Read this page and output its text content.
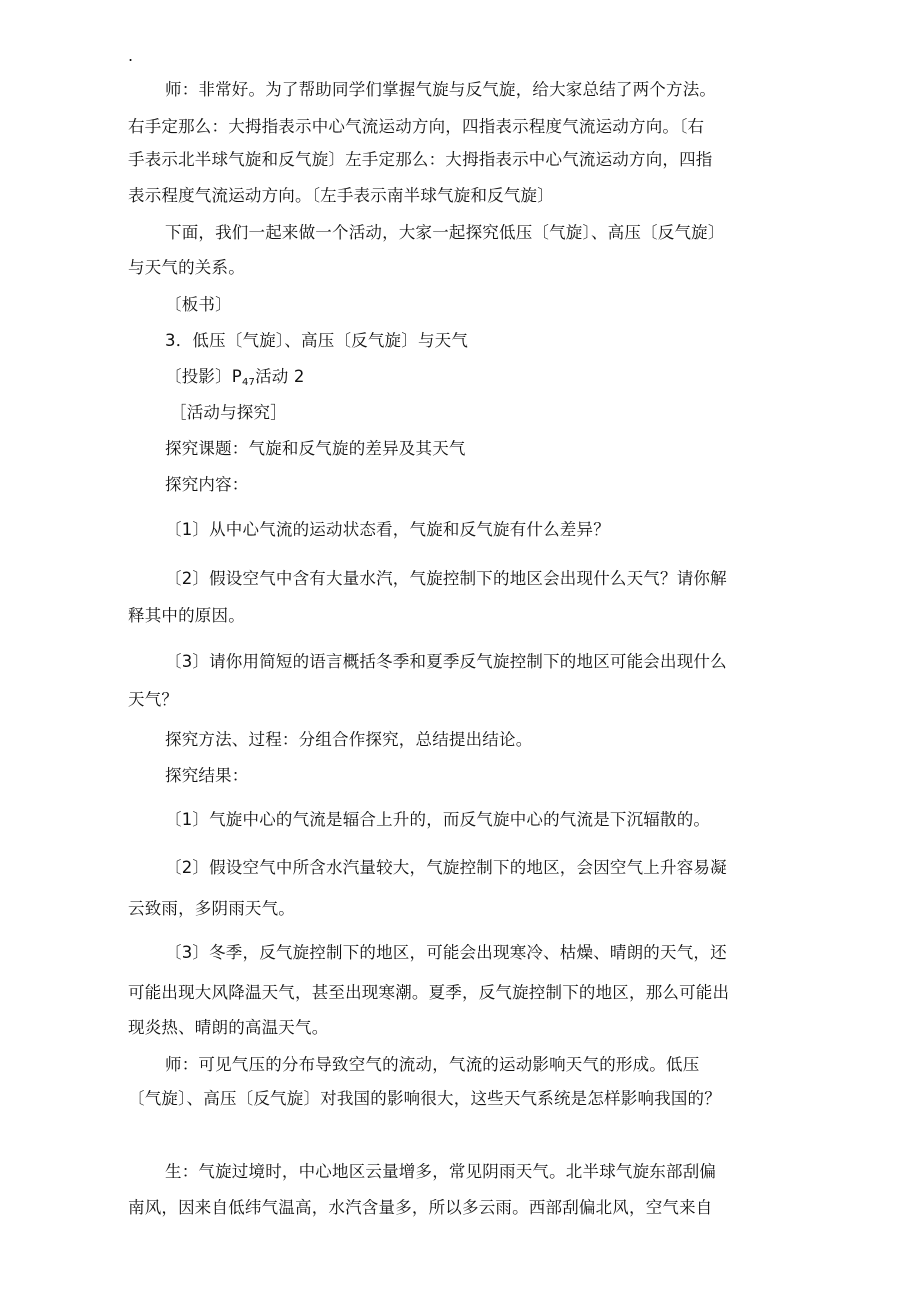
.
师：非常好。为了帮助同学们掌握气旋与反气旋，给大家总结了两个方法。
右手定那么：大拇指表示中心气流运动方向，四指表示程度气流运动方向。〔右
手表示北半球气旋和反气旋〕左手定那么：大拇指表示中心气流运动方向，四指
表示程度气流运动方向。〔左手表示南半球气旋和反气旋〕
下面，我们一起来做一个活动，大家一起探究低压〔气旋〕、高压〔反气旋〕
与天气的关系。
〔板书〕
3．低压〔气旋〕、高压〔反气旋〕与天气
〔投影〕$P_{47}$活动 2
［活动与探究］
探究课题：气旋和反气旋的差异及其天气
探究内容：
〔1〕从中心气流的运动状态看，气旋和反气旋有什么差异？
〔2〕假设空气中含有大量水汽，气旋控制下的地区会出现什么天气？请你解
释其中的原因。
〔3〕请你用简短的语言概括冬季和夏季反气旋控制下的地区可能会出现什么
天气？
探究方法、过程：分组合作探究，总结提出结论。
探究结果：
〔1〕气旋中心的气流是辐合上升的，而反气旋中心的气流是下沉辐散的。
〔2〕假设空气中所含水汽量较大，气旋控制下的地区，会因空气上升容易凝
云致雨，多阴雨天气。
〔3〕冬季，反气旋控制下的地区，可能会出现寒冷、枯燥、晴朗的天气，还
可能出现大风降温天气，甚至出现寒潮。夏季，反气旋控制下的地区，那么可能出
现炎热、晴朗的高温天气。
师：可见气压的分布导致空气的流动，气流的运动影响天气的形成。低压
〔气旋〕、高压〔反气旋〕对我国的影响很大，这些天气系统是怎样影响我国的？
生：气旋过境时，中心地区云量增多，常见阴雨天气。北半球气旋东部刮偏
南风，因来自低纬气温高，水汽含量多，所以多云雨。西部刮偏北风，空气来自
